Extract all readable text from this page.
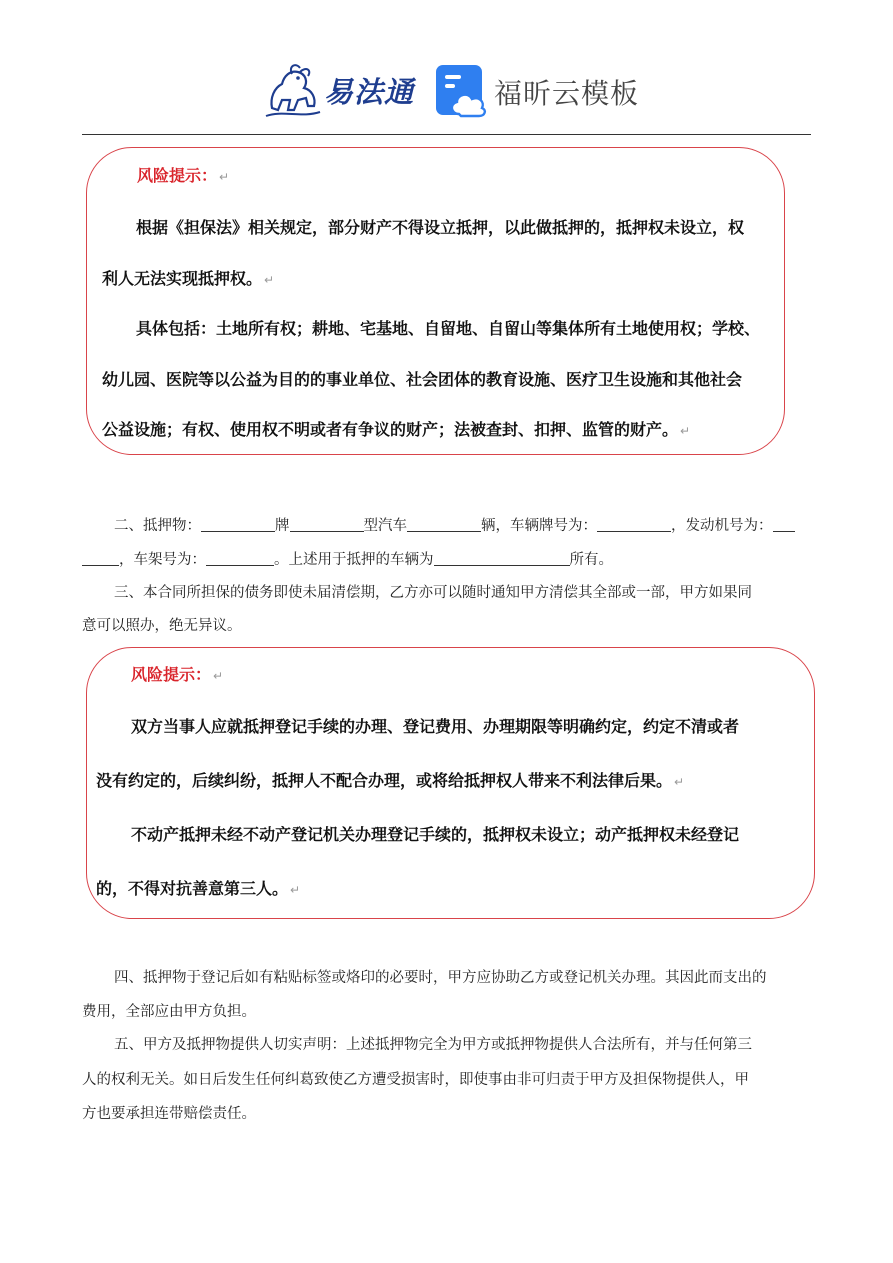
易法通	福昕云模板
风险提示： ↵
根据《担保法》相关规定，部分财产不得设立抵押，以此做抵押的，抵押权未设立，权
利人无法实现抵押权。 ↵
具体包括：土地所有权；耕地、宅基地、自留地、自留山等集体所有土地使用权；学校、
幼儿园、医院等以公益为目的的事业单位、社会团体的教育设施、医疗卫生设施和其他社会
公益设施；有权、使用权不明或者有争议的财产；法被查封、扣押、监管的财产。 ↵
二、抵押物：	牌	型汽车	辆，车辆牌号为：	，发动机号为：
，车架号为：	。上述用于抵押的车辆为	所有。
三、本合同所担保的债务即使未届清偿期，乙方亦可以随时通知甲方清偿其全部或一部，甲方如果同
意可以照办，绝无异议。
风险提示： ↵
双方当事人应就抵押登记手续的办理、登记费用、办理期限等明确约定，约定不清或者
没有约定的，后续纠纷，抵押人不配合办理，或将给抵押权人带来不利法律后果。 ↵
不动产抵押未经不动产登记机关办理登记手续的，抵押权未设立；动产抵押权未经登记
的，不得对抗善意第三人。 ↵
四、抵押物于登记后如有粘贴标签或烙印的必要时，甲方应协助乙方或登记机关办理。其因此而支出的
费用，全部应由甲方负担。
五、甲方及抵押物提供人切实声明：上述抵押物完全为甲方或抵押物提供人合法所有，并与任何第三
人的权利无关。如日后发生任何纠葛致使乙方遭受损害时，即使事由非可归责于甲方及担保物提供人，甲
方也要承担连带赔偿责任。
